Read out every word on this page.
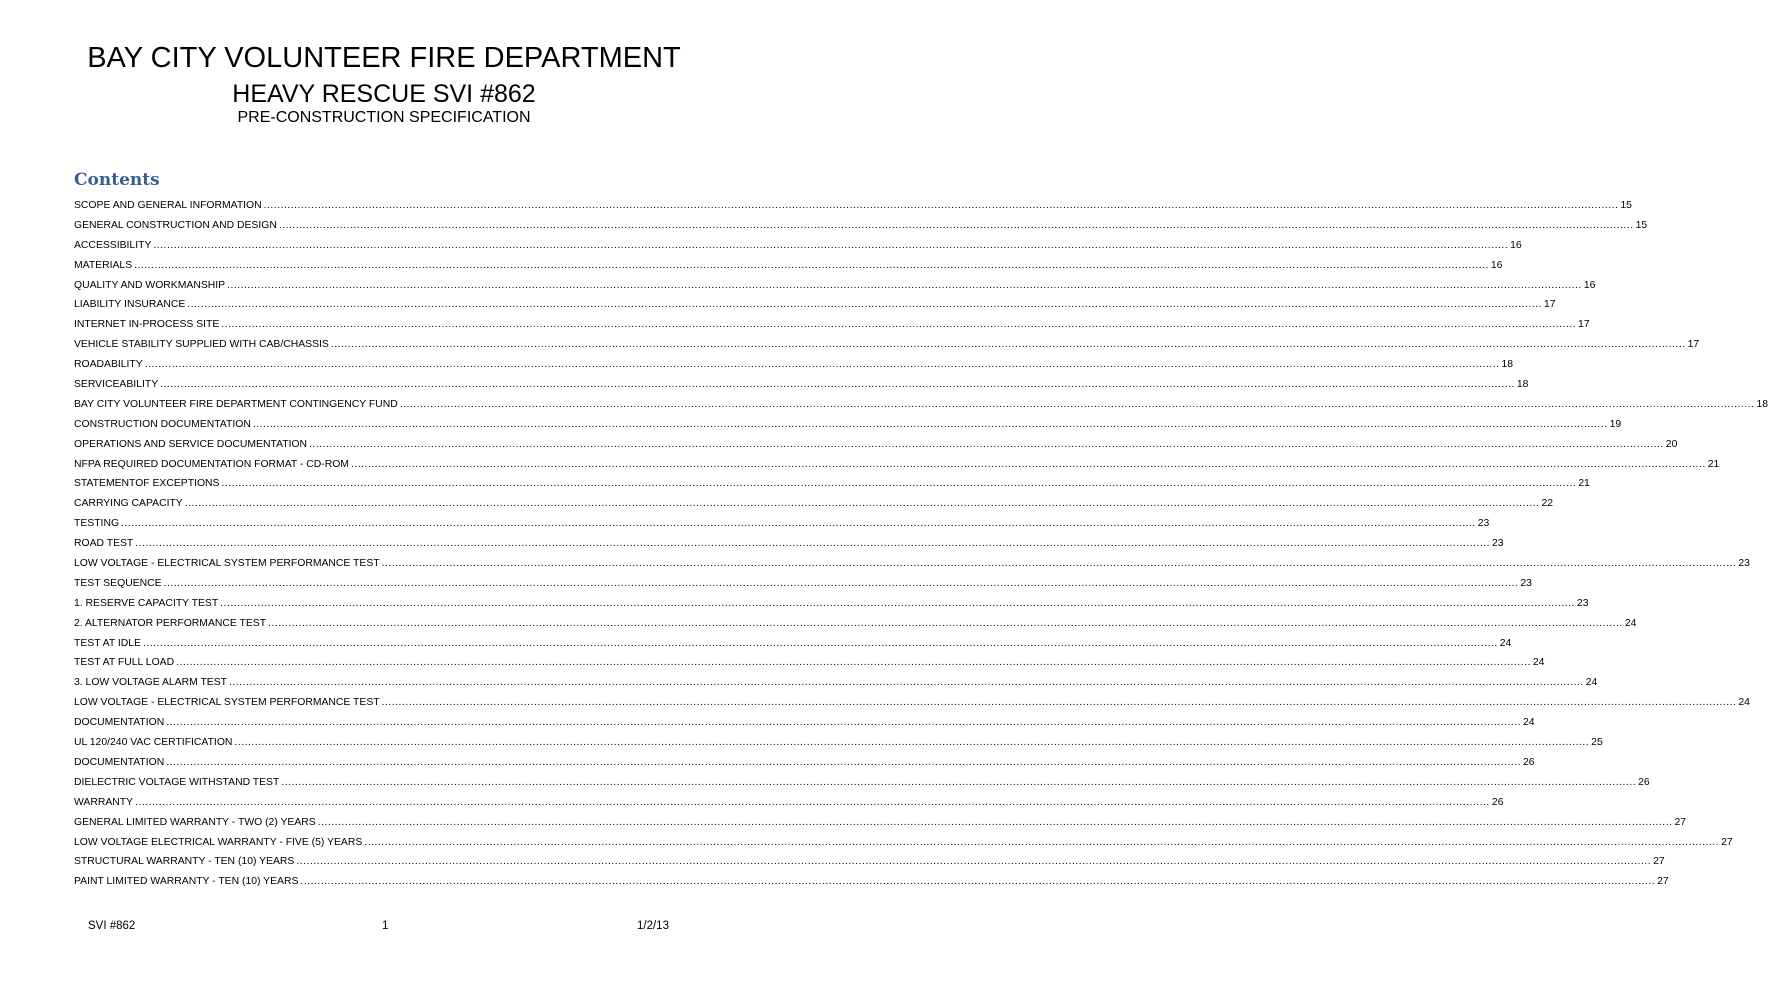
BAY CITY VOLUNTEER FIRE DEPARTMENT
HEAVY RESCUE SVI #862
PRE-CONSTRUCTION SPECIFICATION
Contents
SCOPE AND GENERAL INFORMATION ................................................................................................................................................................................................................................................................................................................................................................................................................ 15
GENERAL CONSTRUCTION AND DESIGN ................................................................................................................................................................................................................................................................................................................................................................................................................ 15
ACCESSIBILITY ................................................................................................................................................................................................................................................................................................................................................................................................................ 16
MATERIALS ................................................................................................................................................................................................................................................................................................................................................................................................................ 16
QUALITY AND WORKMANSHIP ................................................................................................................................................................................................................................................................................................................................................................................................................ 16
LIABILITY INSURANCE ................................................................................................................................................................................................................................................................................................................................................................................................................ 17
INTERNET IN-PROCESS SITE ................................................................................................................................................................................................................................................................................................................................................................................................................ 17
VEHICLE STABILITY SUPPLIED WITH CAB/CHASSIS ................................................................................................................................................................................................................................................................................................................................................................................................................ 17
ROADABILITY ................................................................................................................................................................................................................................................................................................................................................................................................................ 18
SERVICEABILITY ................................................................................................................................................................................................................................................................................................................................................................................................................ 18
BAY CITY VOLUNTEER FIRE DEPARTMENT CONTINGENCY FUND ................................................................................................................................................................................................................................................................................................................................................................................................................ 18
CONSTRUCTION DOCUMENTATION ................................................................................................................................................................................................................................................................................................................................................................................................................ 19
OPERATIONS AND SERVICE DOCUMENTATION ................................................................................................................................................................................................................................................................................................................................................................................................................ 20
NFPA REQUIRED DOCUMENTATION FORMAT - CD-ROM ................................................................................................................................................................................................................................................................................................................................................................................................................ 21
STATEMENTOF EXCEPTIONS ................................................................................................................................................................................................................................................................................................................................................................................................................ 21
CARRYING CAPACITY ................................................................................................................................................................................................................................................................................................................................................................................................................ 22
TESTING ................................................................................................................................................................................................................................................................................................................................................................................................................ 23
ROAD TEST ................................................................................................................................................................................................................................................................................................................................................................................................................ 23
LOW VOLTAGE - ELECTRICAL SYSTEM PERFORMANCE TEST ................................................................................................................................................................................................................................................................................................................................................................................................................ 23
TEST SEQUENCE ................................................................................................................................................................................................................................................................................................................................................................................................................ 23
1. RESERVE CAPACITY TEST ................................................................................................................................................................................................................................................................................................................................................................................................................ 23
2. ALTERNATOR PERFORMANCE TEST ................................................................................................................................................................................................................................................................................................................................................................................................................ 24
TEST AT IDLE ................................................................................................................................................................................................................................................................................................................................................................................................................ 24
TEST AT FULL LOAD ................................................................................................................................................................................................................................................................................................................................................................................................................ 24
3. LOW VOLTAGE ALARM TEST ................................................................................................................................................................................................................................................................................................................................................................................................................ 24
LOW VOLTAGE - ELECTRICAL SYSTEM PERFORMANCE TEST ................................................................................................................................................................................................................................................................................................................................................................................................................ 24
DOCUMENTATION ................................................................................................................................................................................................................................................................................................................................................................................................................ 24
UL 120/240 VAC CERTIFICATION ................................................................................................................................................................................................................................................................................................................................................................................................................ 25
DOCUMENTATION ................................................................................................................................................................................................................................................................................................................................................................................................................ 26
DIELECTRIC VOLTAGE WITHSTAND TEST ................................................................................................................................................................................................................................................................................................................................................................................................................ 26
WARRANTY ................................................................................................................................................................................................................................................................................................................................................................................................................ 26
GENERAL LIMITED WARRANTY - TWO (2) YEARS ................................................................................................................................................................................................................................................................................................................................................................................................................ 27
LOW VOLTAGE ELECTRICAL WARRANTY - FIVE (5) YEARS ................................................................................................................................................................................................................................................................................................................................................................................................................ 27
STRUCTURAL WARRANTY - TEN (10) YEARS ................................................................................................................................................................................................................................................................................................................................................................................................................ 27
PAINT LIMITED WARRANTY - TEN (10) YEARS ................................................................................................................................................................................................................................................................................................................................................................................................................ 27
SVI #862	1	1/2/13
